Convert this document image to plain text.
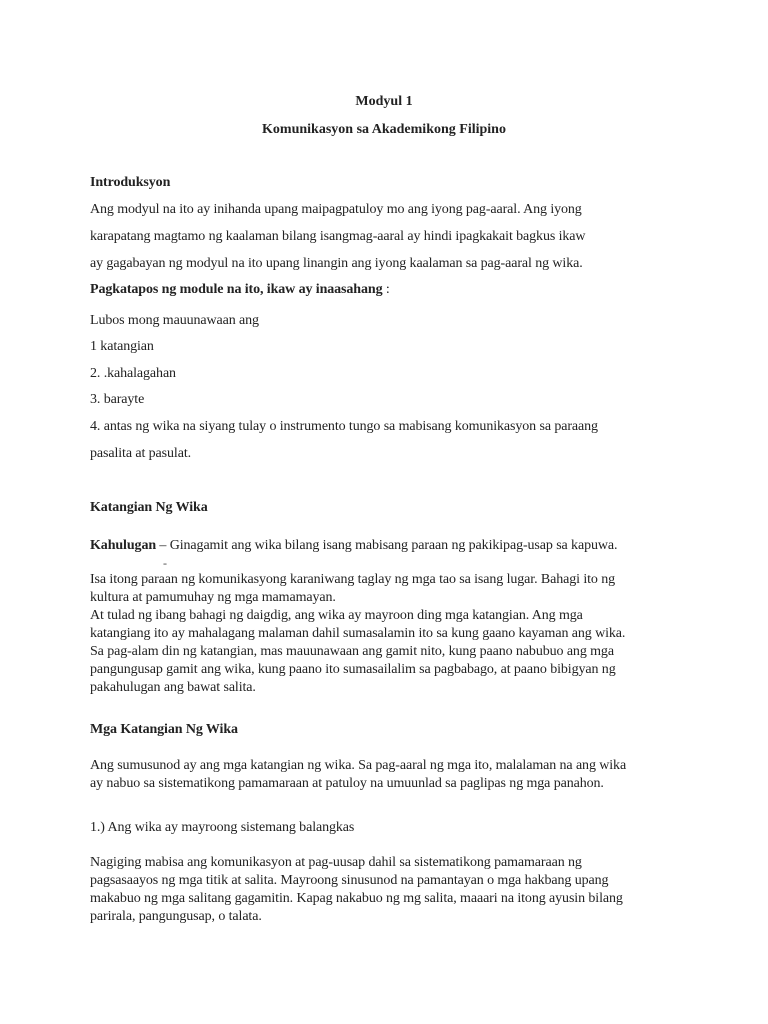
Modyul 1
Komunikasyon sa Akademikong Filipino
Introduksyon
Ang modyul na ito ay inihanda upang maipagpatuloy mo ang iyong pag-aaral. Ang iyong
karapatang magtamo ng kaalaman bilang isangmag-aaral ay hindi ipagkakait bagkus ikaw
ay gagabayan ng modyul na ito upang linangin ang iyong kaalaman sa pag-aaral ng wika.
Pagkatapos ng module na ito, ikaw ay inaasahang :
Lubos mong mauunawaan ang
1 katangian
2. .kahalagahan
3. barayte
4. antas ng wika na siyang tulay o instrumento tungo sa mabisang komunikasyon sa paraang
pasalita at pasulat.
Katangian Ng Wika
Kahulugan – Ginagamit ang wika bilang isang mabisang paraan ng pakikipag-usap sa kapuwa.
-
Isa itong paraan ng komunikasyong karaniwang taglay ng mga tao sa isang lugar. Bahagi ito ng
kultura at pamumuhay ng mga mamamayan.
At tulad ng ibang bahagi ng daigdig, ang wika ay mayroon ding mga katangian. Ang mga
katangiang ito ay mahalagang malaman dahil sumasalamin ito sa kung gaano kayaman ang wika.
Sa pag-alam din ng katangian, mas mauunawaan ang gamit nito, kung paano nabubuo ang mga
pangungusap gamit ang wika, kung paano ito sumasailalim sa pagbabago, at paano bibigyan ng
pakahulugan ang bawat salita.
Mga Katangian Ng Wika
Ang sumusunod ay ang mga katangian ng wika. Sa pag-aaral ng mga ito, malalaman na ang wika
ay nabuo sa sistematikong pamamaraan at patuloy na umuunlad sa paglipas ng mga panahon.
1.) Ang wika ay mayroong sistemang balangkas
Nagiging mabisa ang komunikasyon at pag-uusap dahil sa sistematikong pamamaraan ng
pagsasaayos ng mga titik at salita. Mayroong sinusunod na pamantayan o mga hakbang upang
makabuo ng mga salitang gagamitin. Kapag nakabuo ng mg salita, maaari na itong ayusin bilang
parirala, pangungusap, o talata.
